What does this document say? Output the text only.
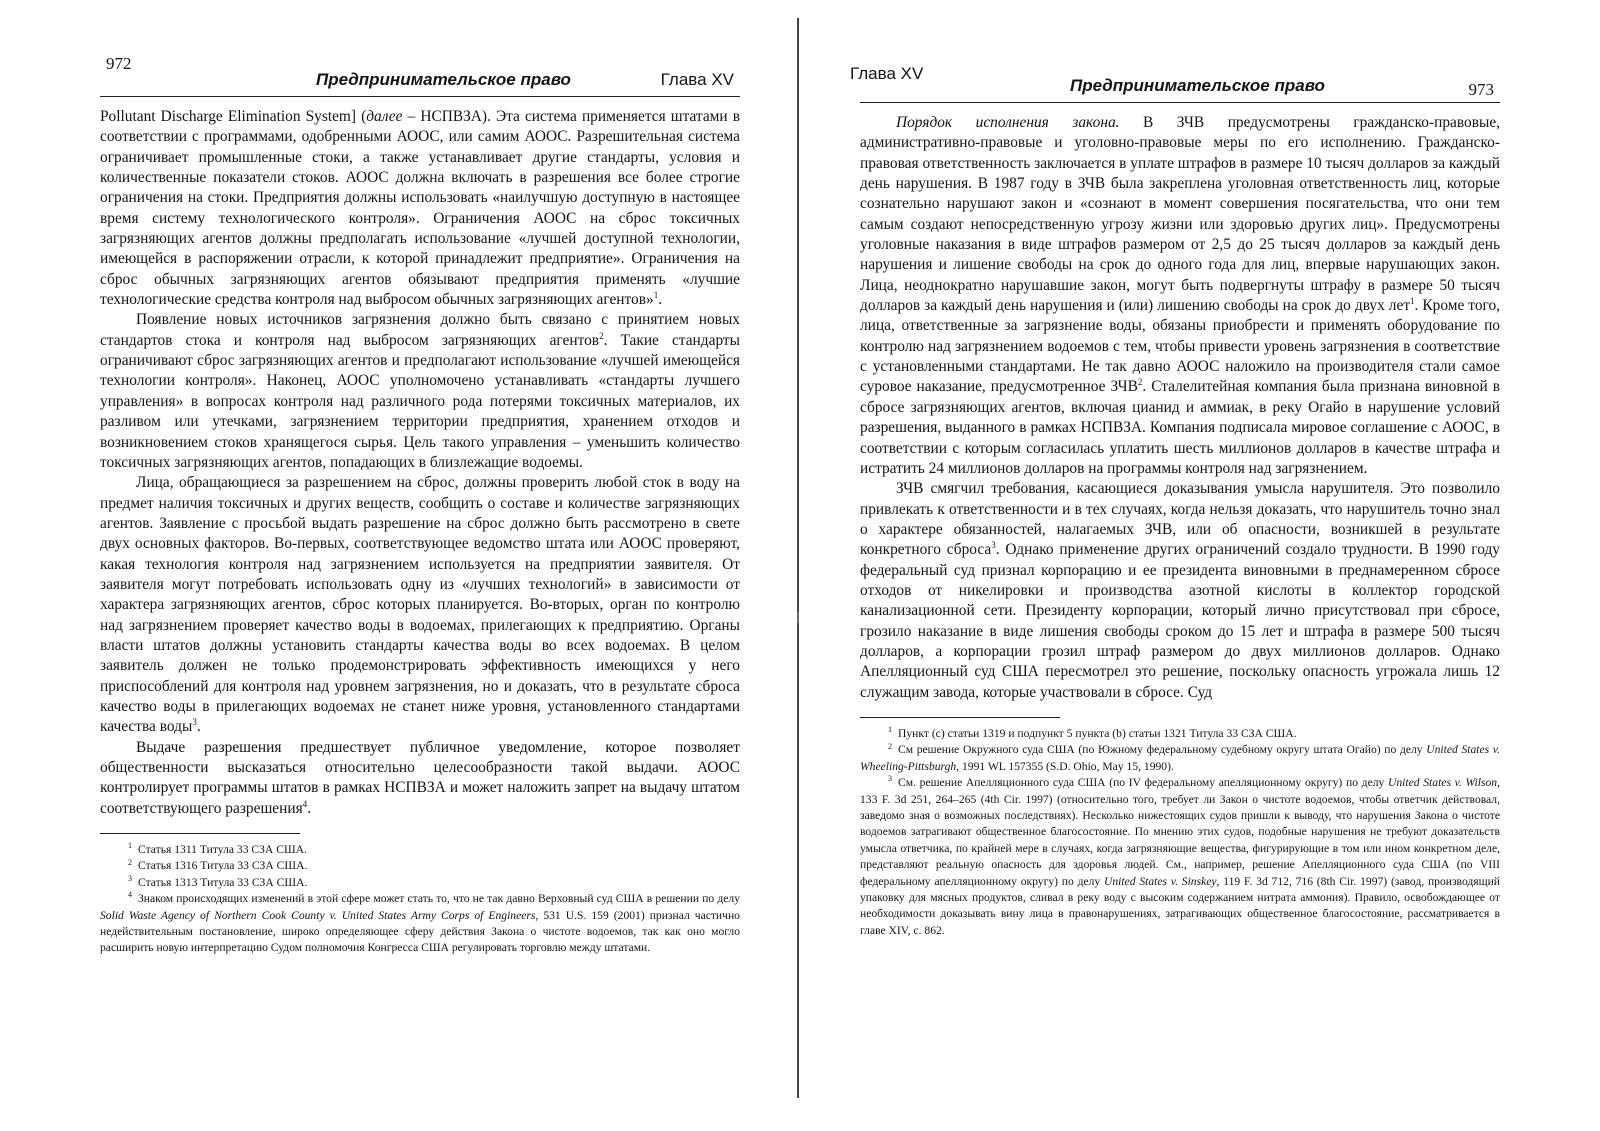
972
Предпринимательское право	Глава XV

Pollutant Discharge Elimination System] (далее – НСПВЗА). Эта система применяется штатами в соответствии с программами, одобренными АООС, или самим АООС. Разрешительная система ограничивает промышленные стоки, а также устанавливает другие стандарты, условия и количественные показатели стоков. АООС должна включать в разрешения все более строгие ограничения на стоки. Предприятия должны использовать «наилучшую доступную в настоящее время систему технологического контроля». Ограничения АООС на сброс токсичных загрязняющих агентов должны предполагать использование «лучшей доступной технологии, имеющейся в распоряжении отрасли, к которой принадлежит предприятие». Ограничения на сброс обычных загрязняющих агентов обязывают предприятия применять «лучшие технологические средства контроля над выбросом обычных загрязняющих агентов»$^1$.

Появление новых источников загрязнения должно быть связано с принятием новых стандартов стока и контроля над выбросом загрязняющих агентов$^2$. Такие стандарты ограничивают сброс загрязняющих агентов и предполагают использование «лучшей имеющейся технологии контроля». Наконец, АООС уполномочено устанавливать «стандарты лучшего управления» в вопросах контроля над различного рода потерями токсичных материалов, их разливом или утечками, загрязнением территории предприятия, хранением отходов и возникновением стоков хранящегося сырья. Цель такого управления – уменьшить количество токсичных загрязняющих агентов, попадающих в близлежащие водоемы.

Лица, обращающиеся за разрешением на сброс, должны проверить любой сток в воду на предмет наличия токсичных и других веществ, сообщить о составе и количестве загрязняющих агентов. Заявление с просьбой выдать разрешение на сброс должно быть рассмотрено в свете двух основных факторов. Во-первых, соответствующее ведомство штата или АООС проверяют, какая технология контроля над загрязнением используется на предприятии заявителя. От заявителя могут потребовать использовать одну из «лучших технологий» в зависимости от характера загрязняющих агентов, сброс которых планируется. Во-вторых, орган по контролю над загрязнением проверяет качество воды в водоемах, прилегающих к предприятию. Органы власти штатов должны установить стандарты качества воды во всех водоемах. В целом заявитель должен не только продемонстрировать эффективность имеющихся у него приспособлений для контроля над уровнем загрязнения, но и доказать, что в результате сброса качество воды в прилегающих водоемах не станет ниже уровня, установленного стандартами качества воды$^3$.

Выдаче разрешения предшествует публичное уведомление, которое позволяет общественности высказаться относительно целесообразности такой выдачи. АООС контролирует программы штатов в рамках НСПВЗА и может наложить запрет на выдачу штатом соответствующего разрешения$^4$.

$^1$ Статья 1311 Титула 33 СЗА США.

$^2$ Статья 1316 Титула 33 СЗА США.

$^3$ Статья 1313 Титула 33 СЗА США.

$^4$ Знаком происходящих изменений в этой сфере может стать то, что не так давно Верховный суд США в решении по делу Solid Waste Agency of Northern Cook County v. United States Army Corps of Engineers, 531 U.S. 159 (2001) признал частично недействительным постановление, широко определяющее сферу действия Закона о чистоте водоемов, так как оно могло расширить новую интерпретацию Судом полномочия Конгресса США регулировать торговлю между штатами.

Глава XV
Предпринимательское право	973

Порядок исполнения закона. В ЗЧВ предусмотрены гражданско-правовые, административно-правовые и уголовно-правовые меры по его исполнению. Гражданско-правовая ответственность заключается в уплате штрафов в размере 10 тысяч долларов за каждый день нарушения. В 1987 году в ЗЧВ была закреплена уголовная ответственность лиц, которые сознательно нарушают закон и «сознают в момент совершения посягательства, что они тем самым создают непосредственную угрозу жизни или здоровью других лиц». Предусмотрены уголовные наказания в виде штрафов размером от 2,5 до 25 тысяч долларов за каждый день нарушения и лишение свободы на срок до одного года для лиц, впервые нарушающих закон. Лица, неоднократно нарушавшие закон, могут быть подвергнуты штрафу в размере 50 тысяч долларов за каждый день нарушения и (или) лишению свободы на срок до двух лет$^1$. Кроме того, лица, ответственные за загрязнение воды, обязаны приобрести и применять оборудование по контролю над загрязнением водоемов с тем, чтобы привести уровень загрязнения в соответствие с установленными стандартами. Не так давно АООС наложило на производителя стали самое суровое наказание, предусмотренное ЗЧВ$^2$. Сталелитейная компания была признана виновной в сбросе загрязняющих агентов, включая цианид и аммиак, в реку Огайо в нарушение условий разрешения, выданного в рамках НСПВЗА. Компания подписала мировое соглашение с АООС, в соответствии с которым согласилась уплатить шесть миллионов долларов в качестве штрафа и истратить 24 миллионов долларов на программы контроля над загрязнением.

ЗЧВ смягчил требования, касающиеся доказывания умысла нарушителя. Это позволило привлекать к ответственности и в тех случаях, когда нельзя доказать, что нарушитель точно знал о характере обязанностей, налагаемых ЗЧВ, или об опасности, возникшей в результате конкретного сброса$^3$. Однако применение других ограничений создало трудности. В 1990 году федеральный суд признал корпорацию и ее президента виновными в преднамеренном сбросе отходов от никелировки и производства азотной кислоты в коллектор городской канализационной сети. Президенту корпорации, который лично присутствовал при сбросе, грозило наказание в виде лишения свободы сроком до 15 лет и штрафа в размере 500 тысяч долларов, а корпорации грозил штраф размером до двух миллионов долларов. Однако Апелляционный суд США пересмотрел это решение, поскольку опасность угрожала лишь 12 служащим завода, которые участвовали в сбросе. Суд

$^1$ Пункт (с) статьи 1319 и подпункт 5 пункта (b) статьи 1321 Титула 33 СЗА США.

$^2$ См решение Окружного суда США (по Южному федеральному судебному округу штата Огайо) по делу United States v. Wheeling-Pittsburgh, 1991 WL 157355 (S.D. Ohio, May 15, 1990).

$^3$ См. решение Апелляционного суда США (по IV федеральному апелляционному округу) по делу United States v. Wilson, 133 F. 3d 251, 264–265 (4th Cir. 1997) (относительно того, требует ли Закон о чистоте водоемов, чтобы ответчик действовал, заведомо зная о возможных последствиях). Несколько нижестоящих судов пришли к выводу, что нарушения Закона о чистоте водоемов затрагивают общественное благосостояние. По мнению этих судов, подобные нарушения не требуют доказательств умысла ответчика, по крайней мере в случаях, когда загрязняющие вещества, фигурирующие в том или ином конкретном деле, представляют реальную опасность для здоровья людей. См., например, решение Апелляционного суда США (по VIII федеральному апелляционному округу) по делу United States v. Sinskey, 119 F. 3d 712, 716 (8th Cir. 1997) (завод, производящий упаковку для мясных продуктов, сливал в реку воду с высоким содержанием нитрата аммония). Правило, освобождающее от необходимости доказывать вину лица в правонарушениях, затрагивающих общественное благосостояние, рассматривается в главе XIV, с. 862.
